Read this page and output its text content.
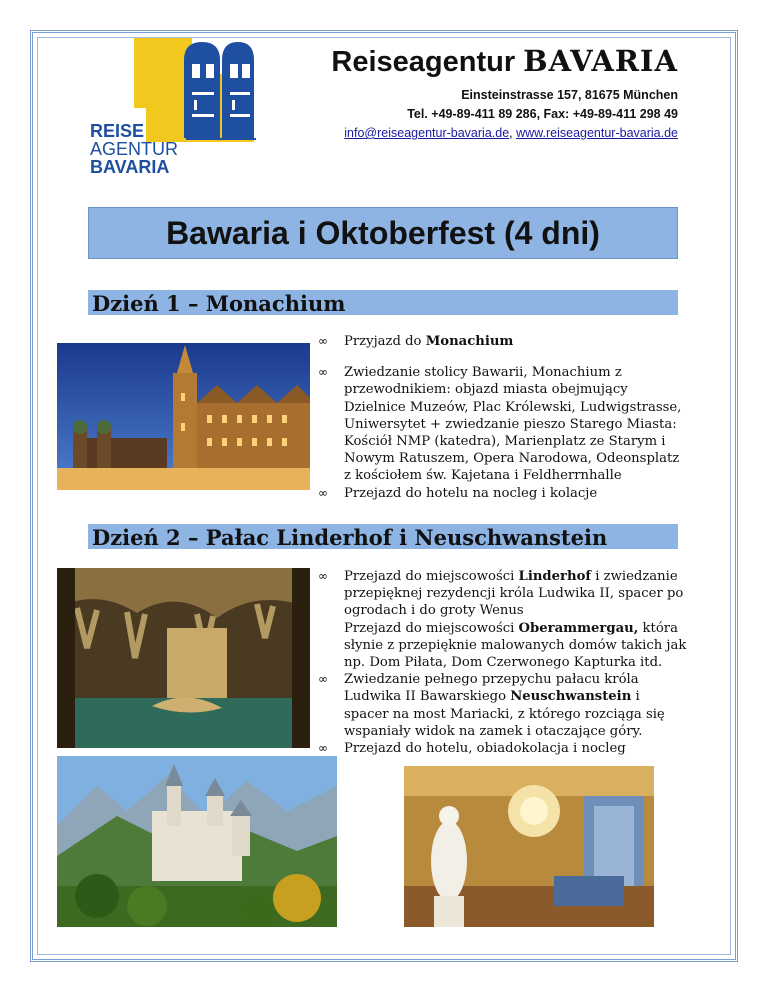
REISE
AGENTUR
BAVARIA
Reiseagentur BAVARIA
Einsteinstrasse 157, 81675 München
Tel. +49-89-411 89 286, Fax: +49-89-411 298 49
info@reiseagentur-bavaria.de, www.reiseagentur-bavaria.de
Bawaria i Oktoberfest (4 dni)
Dzień 1 – Monachium
∞ Przyjazd do Monachium
∞ Zwiedzanie stolicy Bawarii, Monachium z przewodnikiem: objazd miasta obejmujący Dzielnice Muzeów, Plac Królewski, Ludwigstrasse, Uniwersytet + zwiedzanie pieszo Starego Miasta: Kościół NMP (katedra), Marienplatz ze Starym i Nowym Ratuszem, Opera Narodowa, Odeonsplatz z kościołem św. Kajetana i Feldherrnhalle
∞ Przejazd do hotelu na nocleg i kolacje
Dzień 2 – Pałac Linderhof i Neuschwanstein
∞ Przejazd do miejscowości Linderhof i zwiedzanie przepięknej rezydencji króla Ludwika II, spacer po ogrodach i do groty Wenus
Przejazd do miejscowości Oberammergau, która słynie z przepięknie malowanych domów takich jak np. Dom Piłata, Dom Czerwonego Kapturka itd.
∞ Zwiedzanie pełnego przepychu pałacu króla Ludwika II Bawarskiego Neuschwanstein i spacer na most Mariacki, z którego rozciąga się wspaniały widok na zamek i otaczające góry.
∞ Przejazd do hotelu, obiadokolacja i nocleg
